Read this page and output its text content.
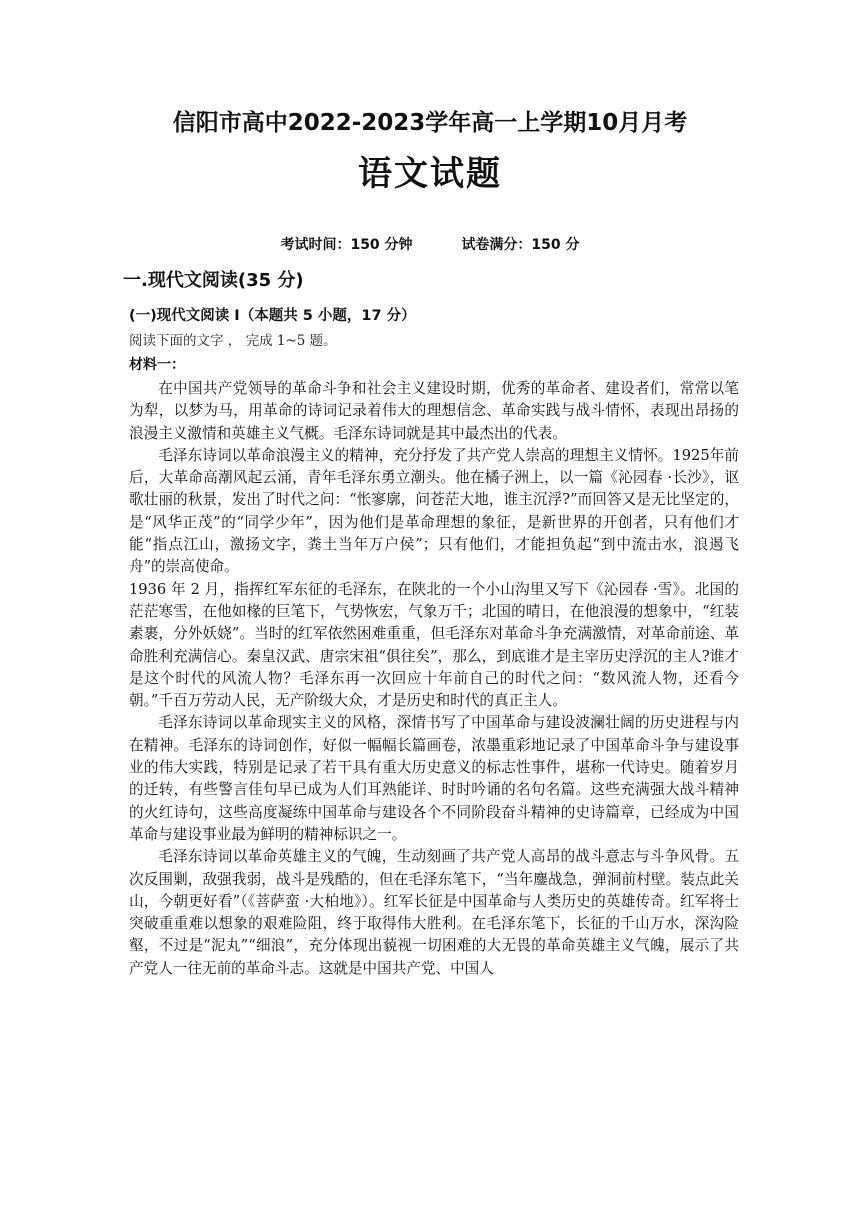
信阳市高中2022-2023学年高一上学期10月月考
语文试题
考试时间：150 分钟	试卷满分：150 分
一.现代文阅读(35 分)
(一)现代文阅读 Ⅰ（本题共 5 小题，17 分）
阅读下面的文字 ， 完成 1~5 题。
材料一：

在中国共产党领导的革命斗争和社会主义建设时期，优秀的革命者、建设者们，常常以笔为犁，以梦为马，用革命的诗词记录着伟大的理想信念、革命实践与战斗情怀，表现出昂扬的浪漫主义激情和英雄主义气概。毛泽东诗词就是其中最杰出的代表。

毛泽东诗词以革命浪漫主义的精神，充分抒发了共产党人崇高的理想主义情怀。1925年前后，大革命高潮风起云涌，青年毛泽东勇立潮头。他在橘子洲上，以一篇《沁园春 ·长沙》，讴歌壮丽的秋景，发出了时代之问：“怅寥廓，问苍茫大地，谁主沉浮?”而回答又是无比坚定的，是“风华正茂”的“同学少年”，因为他们是革命理想的象征，是新世界的开创者，只有他们才能“指点江山，激扬文字，粪土当年万户侯”；只有他们，才能担负起“到中流击水，浪遏飞舟”的崇高使命。

1936 年 2 月，指挥红军东征的毛泽东，在陕北的一个小山沟里又写下《沁园春 ·雪》。北国的茫茫寒雪，在他如椽的巨笔下，气势恢宏，气象万千；北国的晴日，在他浪漫的想象中，“红装素裹，分外妖娆”。当时的红军依然困难重重，但毛泽东对革命斗争充满激情，对革命前途、革命胜利充满信心。秦皇汉武、唐宗宋祖“俱往矣”，那么，到底谁才是主宰历史浮沉的主人?谁才是这个时代的风流人物？毛泽东再一次回应十年前自己的时代之问：“数风流人物，还看今朝。”千百万劳动人民，无产阶级大众，才是历史和时代的真正主人。

毛泽东诗词以革命现实主义的风格，深情书写了中国革命与建设波澜壮阔的历史进程与内在精神。毛泽东的诗词创作，好似一幅幅长篇画卷，浓墨重彩地记录了中国革命斗争与建设事业的伟大实践，特别是记录了若干具有重大历史意义的标志性事件，堪称一代诗史。随着岁月的迁转，有些警言佳句早已成为人们耳熟能详、时时吟诵的名句名篇。这些充满强大战斗精神的火红诗句，这些高度凝练中国革命与建设各个不同阶段奋斗精神的史诗篇章，已经成为中国革命与建设事业最为鲜明的精神标识之一。

毛泽东诗词以革命英雄主义的气魄，生动刻画了共产党人高昂的战斗意志与斗争风骨。五次反围剿，敌强我弱，战斗是残酷的，但在毛泽东笔下，“当年鏖战急，弹洞前村壁。装点此关山，今朝更好看”（《菩萨蛮 ·大柏地》）。红军长征是中国革命与人类历史的英雄传奇。红军将士突破重重难以想象的艰难险阻，终于取得伟大胜利。在毛泽东笔下，长征的千山万水，深沟险壑，不过是“泥丸”“细浪”，充分体现出藐视一切困难的大无畏的革命英雄主义气魄，展示了共产党人一往无前的革命斗志。这就是中国共产党、中国人
